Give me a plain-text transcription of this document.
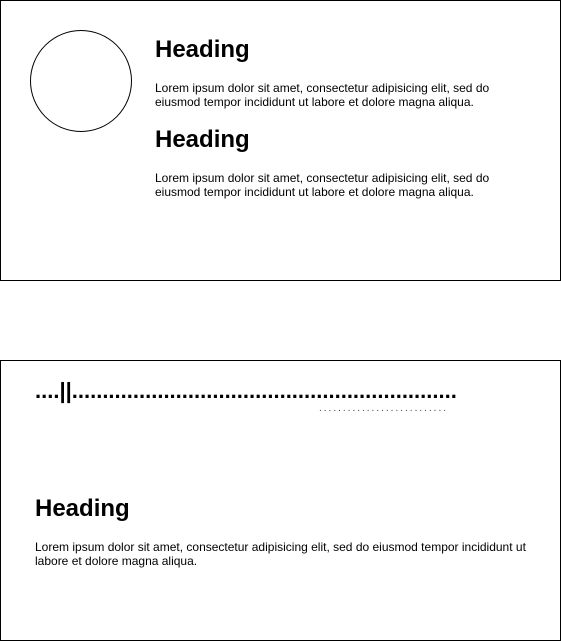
Heading

Lorem ipsum dolor sit amet, consectetur adipisicing elit, sed do eiusmod tempor incididunt ut labore et dolore magna aliqua.

Heading

Lorem ipsum dolor sit amet, consectetur adipisicing elit, sed do eiusmod tempor incididunt ut labore et dolore magna aliqua.

....||...............................................................
...........................
Heading

Lorem ipsum dolor sit amet, consectetur adipisicing elit, sed do eiusmod tempor incididunt ut labore et dolore magna aliqua.
